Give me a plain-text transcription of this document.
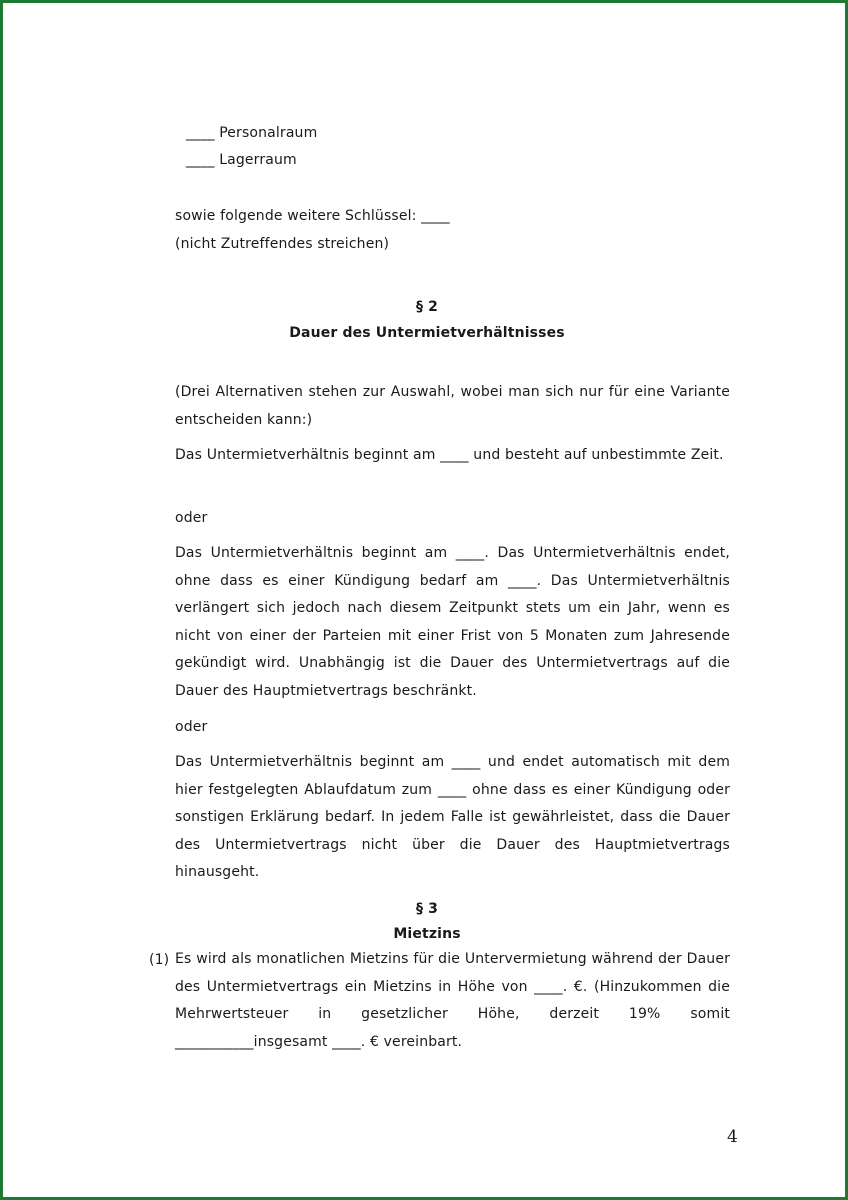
____ Personalraum
____ Lagerraum
sowie folgende weitere Schlüssel: ____
(nicht Zutreffendes streichen)
§ 2
Dauer des Untermietverhältnisses

(Drei Alternativen stehen zur Auswahl, wobei man sich nur für eine Variante entscheiden kann:)

Das Untermietverhältnis beginnt am ____ und besteht auf unbestimmte Zeit.

oder

Das Untermietverhältnis beginnt am ____. Das Untermietverhältnis endet, ohne dass es einer Kündigung bedarf am ____. Das Untermietverhältnis verlängert sich jedoch nach diesem Zeitpunkt stets um ein Jahr, wenn es nicht von einer der Parteien mit einer Frist von 5 Monaten zum Jahresende gekündigt wird. Unabhängig ist die Dauer des Untermietvertrags auf die Dauer des Hauptmietvertrags beschränkt.

oder

Das Untermietverhältnis beginnt am ____ und endet automatisch mit dem hier festgelegten Ablaufdatum zum ____ ohne dass es einer Kündigung oder sonstigen Erklärung bedarf. In jedem Falle ist gewährleistet, dass die Dauer des Untermietvertrags nicht über die Dauer des Hauptmietvertrags hinausgeht.

§ 3
Mietzins
(1) Es wird als monatlichen Mietzins für die Untervermietung während der Dauer des Untermietvertrags ein Mietzins in Höhe von ____. €. (Hinzukommen die Mehrwertsteuer in gesetzlicher Höhe, derzeit 19% somit ___________insgesamt ____. € vereinbart.

4
